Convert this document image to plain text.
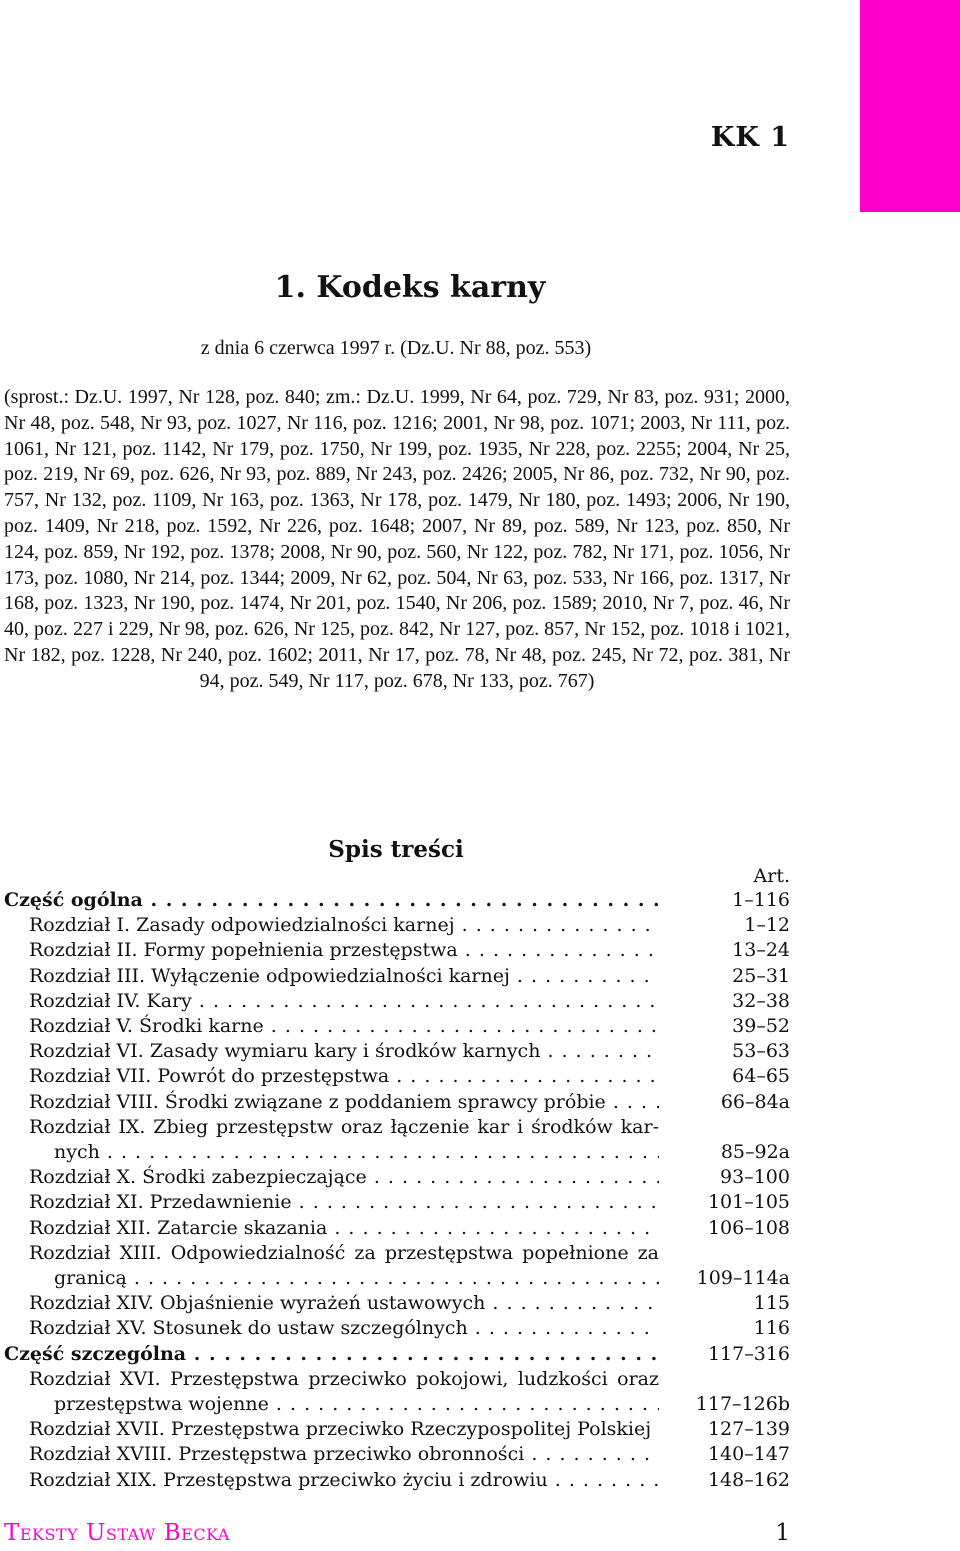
KK 1
1. Kodeks karny
z dnia 6 czerwca 1997 r. (Dz.U. Nr 88, poz. 553)
(sprost.: Dz.U. 1997, Nr 128, poz. 840; zm.: Dz.U. 1999, Nr 64, poz. 729, Nr 83, poz. 931; 2000, Nr 48, poz. 548, Nr 93, poz. 1027, Nr 116, poz. 1216; 2001, Nr 98, poz. 1071; 2003, Nr 111, poz. 1061, Nr 121, poz. 1142, Nr 179, poz. 1750, Nr 199, poz. 1935, Nr 228, poz. 2255; 2004, Nr 25, poz. 219, Nr 69, poz. 626, Nr 93, poz. 889, Nr 243, poz. 2426; 2005, Nr 86, poz. 732, Nr 90, poz. 757, Nr 132, poz. 1109, Nr 163, poz. 1363, Nr 178, poz. 1479, Nr 180, poz. 1493; 2006, Nr 190, poz. 1409, Nr 218, poz. 1592, Nr 226, poz. 1648; 2007, Nr 89, poz. 589, Nr 123, poz. 850, Nr 124, poz. 859, Nr 192, poz. 1378; 2008, Nr 90, poz. 560, Nr 122, poz. 782, Nr 171, poz. 1056, Nr 173, poz. 1080, Nr 214, poz. 1344; 2009, Nr 62, poz. 504, Nr 63, poz. 533, Nr 166, poz. 1317, Nr 168, poz. 1323, Nr 190, poz. 1474, Nr 201, poz. 1540, Nr 206, poz. 1589; 2010, Nr 7, poz. 46, Nr 40, poz. 227 i 229, Nr 98, poz. 626, Nr 125, poz. 842, Nr 127, poz. 857, Nr 152, poz. 1018 i 1021, Nr 182, poz. 1228, Nr 240, poz. 1602; 2011, Nr 17, poz. 78, Nr 48, poz. 245, Nr 72, poz. 381, Nr 94, poz. 549, Nr 117, poz. 678, Nr 133, poz. 767)
Spis treści
Art.
Część ogólna . . .	1–116
Rozdział I. Zasady odpowiedzialności karnej . . .	1–12
Rozdział II. Formy popełnienia przestępstwa . . .	13–24
Rozdział III. Wyłączenie odpowiedzialności karnej . . .	25–31
Rozdział IV. Kary . . .	32–38
Rozdział V. Środki karne . . .	39–52
Rozdział VI. Zasady wymiaru kary i środków karnych . . .	53–63
Rozdział VII. Powrót do przestępstwa . . .	64–65
Rozdział VIII. Środki związane z poddaniem sprawcy próbie . . .	66–84a
Rozdział IX. Zbieg przestępstw oraz łączenie kar i środków kar-
nych . . .	85–92a
Rozdział X. Środki zabezpieczające . . .	93–100
Rozdział XI. Przedawnienie . . .	101–105
Rozdział XII. Zatarcie skazania . . .	106–108
Rozdział XIII. Odpowiedzialność za przestępstwa popełnione za
granicą . . .	109–114a
Rozdział XIV. Objaśnienie wyrażeń ustawowych . . .	115
Rozdział XV. Stosunek do ustaw szczególnych . . .	116
Część szczególna . . .	117–316
Rozdział XVI. Przestępstwa przeciwko pokojowi, ludzkości oraz
przestępstwa wojenne . . .	117–126b
Rozdział XVII. Przestępstwa przeciwko Rzeczypospolitej Polskiej . . .	127–139
Rozdział XVIII. Przestępstwa przeciwko obronności . . .	140–147
Rozdział XIX. Przestępstwa przeciwko życiu i zdrowiu . . .	148–162
Teksty Ustaw Becka	1
